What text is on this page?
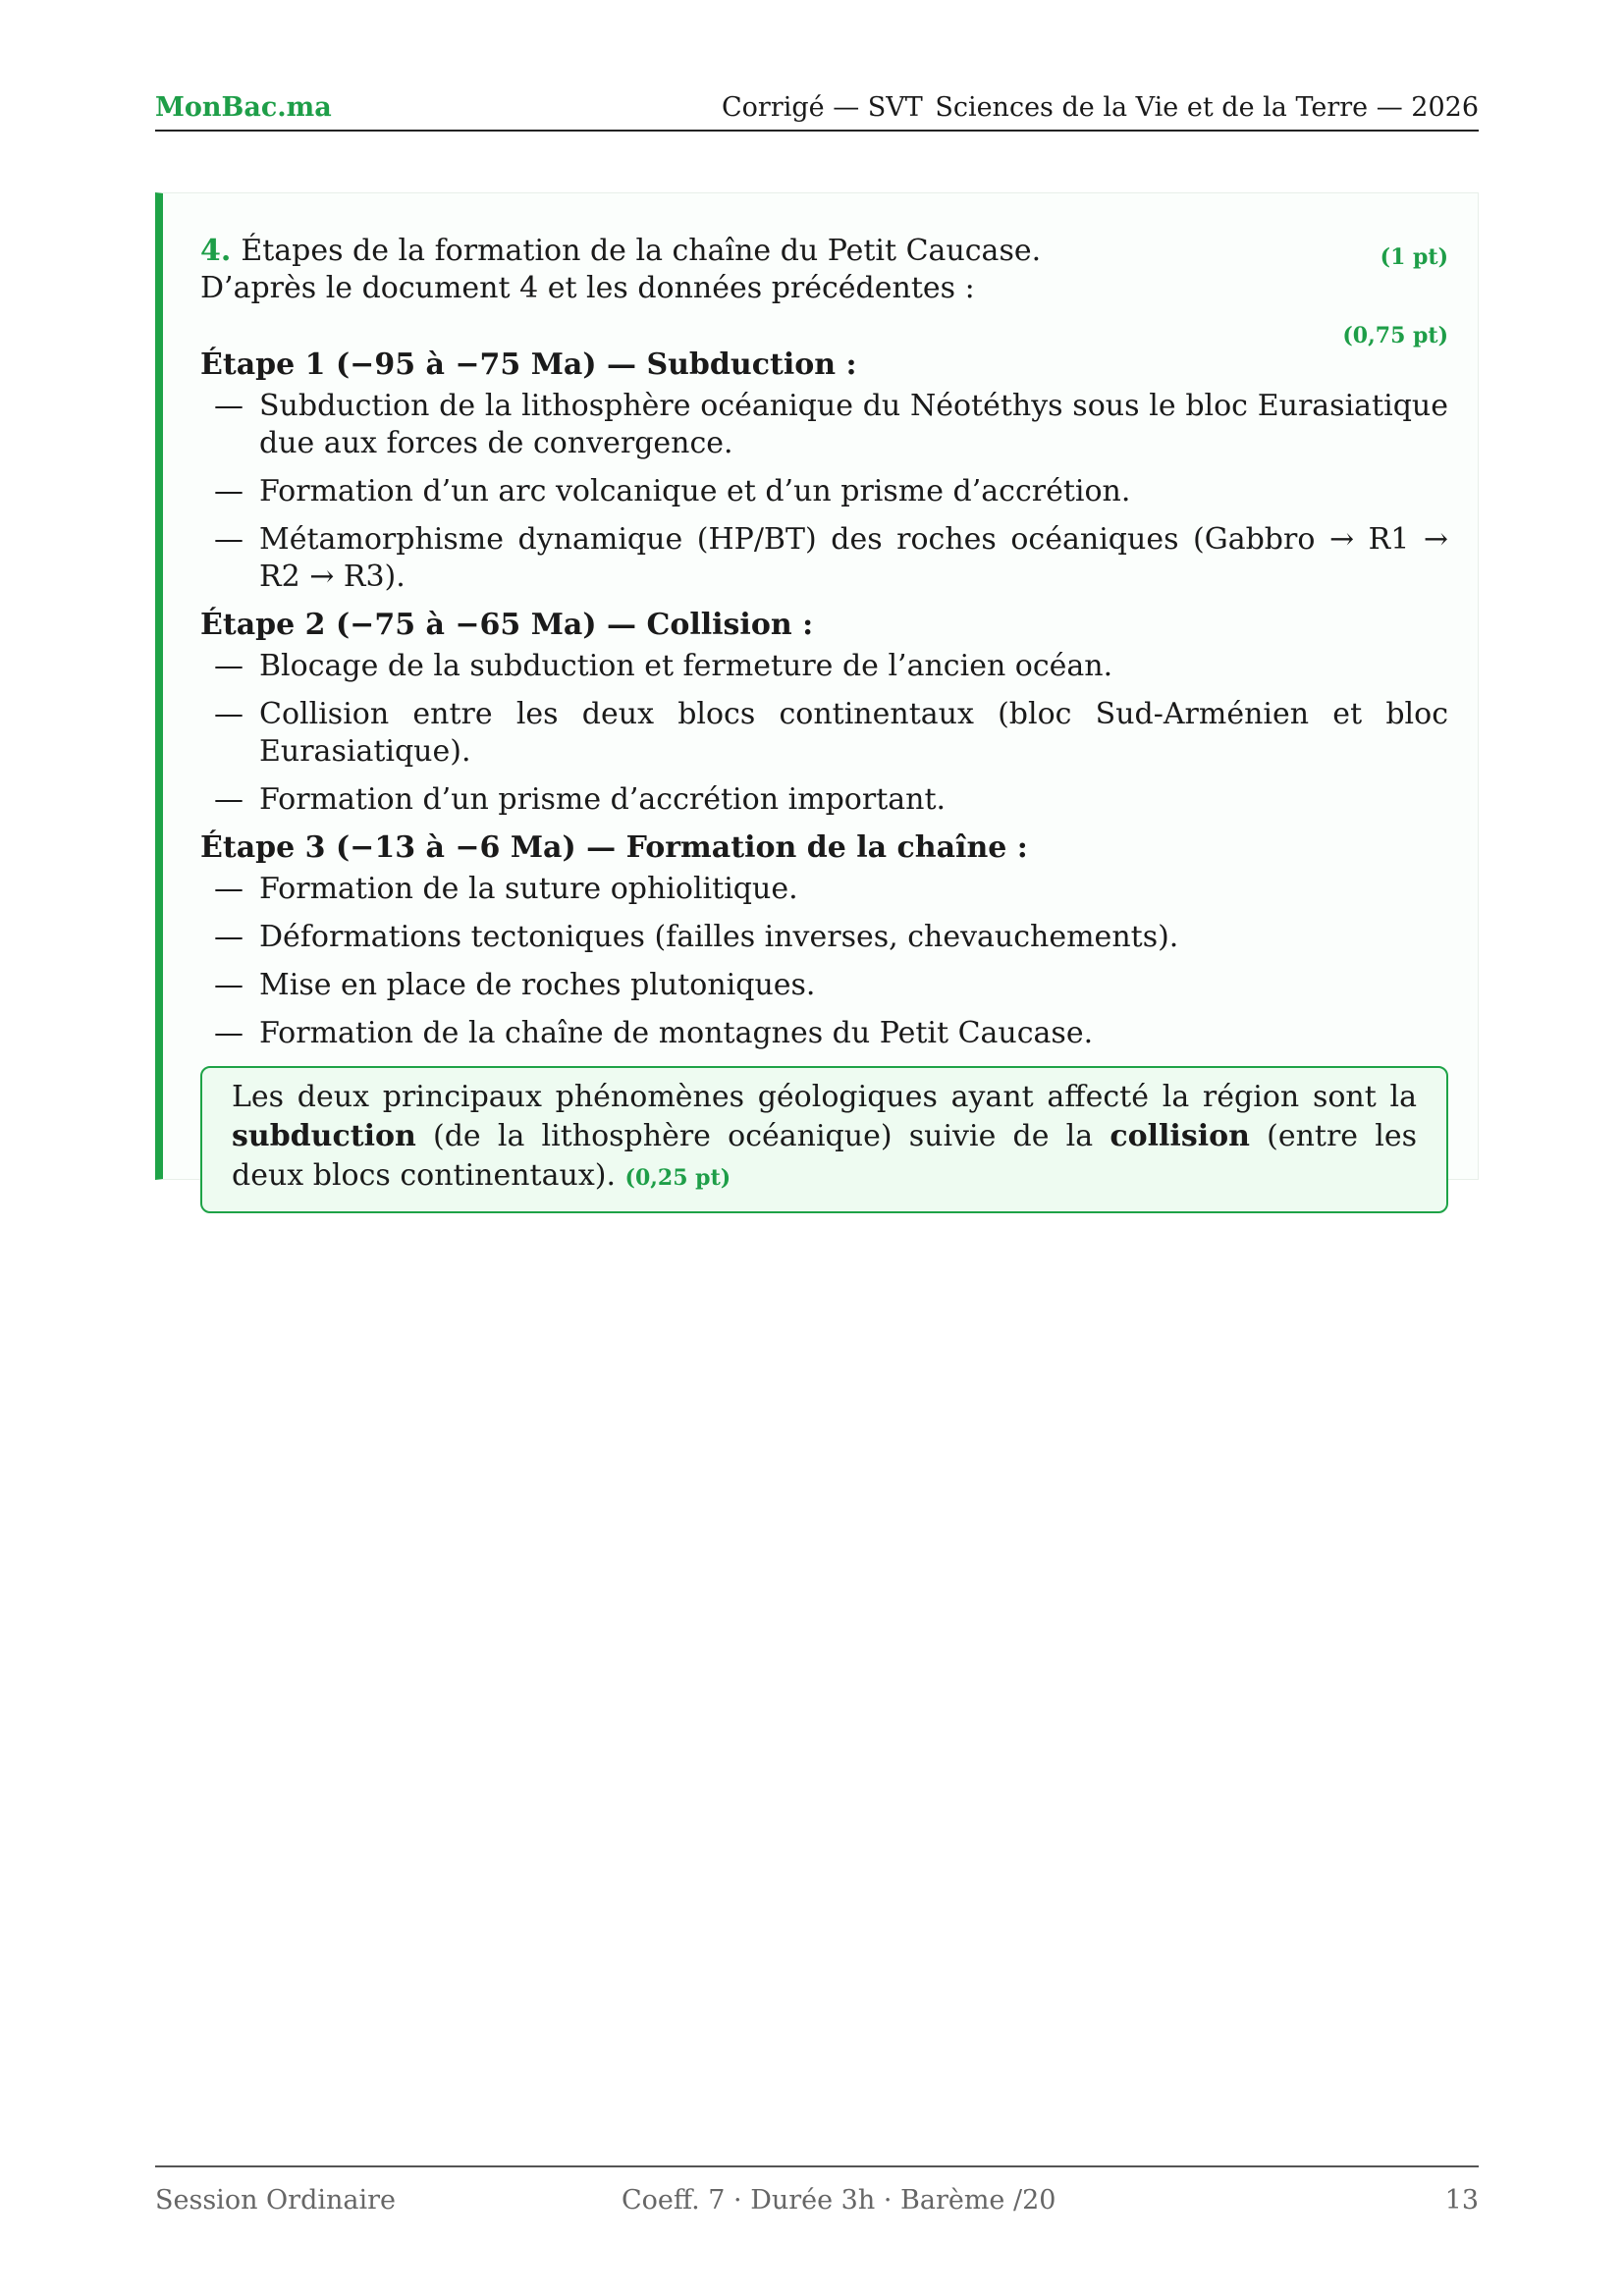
MonBac.ma	Corrigé — SVT Sciences de la Vie et de la Terre — 2026
4. Étapes de la formation de la chaîne du Petit Caucase.	(1 pt)
D’après le document 4 et les données précédentes :
(0,75 pt)
Étape 1 (−95 à −75 Ma) — Subduction :
— Subduction de la lithosphère océanique du Néotéthys sous le bloc Eurasiatique due aux forces de convergence.
— Formation d’un arc volcanique et d’un prisme d’accrétion.
— Métamorphisme dynamique (HP/BT) des roches océaniques (Gabbro → R1 → R2 → R3).
Étape 2 (−75 à −65 Ma) — Collision :
— Blocage de la subduction et fermeture de l’ancien océan.
— Collision entre les deux blocs continentaux (bloc Sud-Arménien et bloc Eurasiatique).
— Formation d’un prisme d’accrétion important.
Étape 3 (−13 à −6 Ma) — Formation de la chaîne :
— Formation de la suture ophiolitique.
— Déformations tectoniques (failles inverses, chevauchements).
— Mise en place de roches plutoniques.
— Formation de la chaîne de montagnes du Petit Caucase.
Les deux principaux phénomènes géologiques ayant affecté la région sont la subduction (de la lithosphère océanique) suivie de la collision (entre les deux blocs continentaux). (0,25 pt)
Session Ordinaire	Coeff. 7 · Durée 3h · Barème /20	13
